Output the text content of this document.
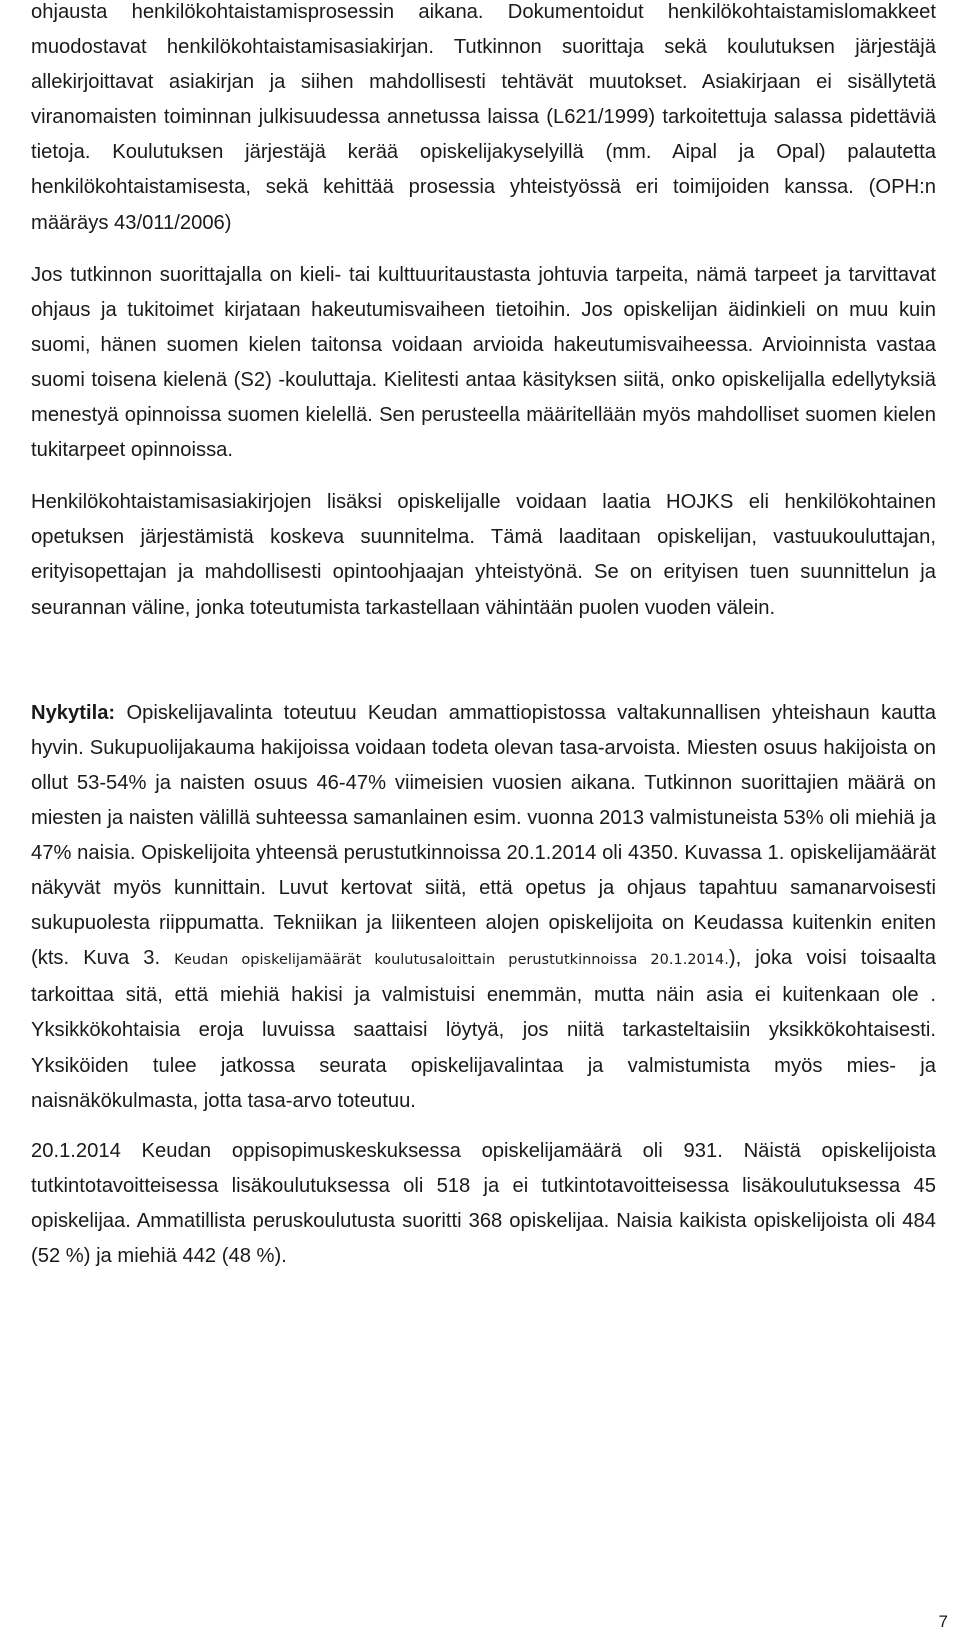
ohjausta henkilökohtaistamisprosessin aikana. Dokumentoidut henkilökohtaistamislomakkeet muodostavat henkilökohtaistamisasiakirjan. Tutkinnon suorittaja sekä koulutuksen järjestäjä allekirjoittavat asiakirjan ja siihen mahdollisesti tehtävät muutokset. Asiakirjaan ei sisällytetä viranomaisten toiminnan julkisuudessa annetussa laissa (L621/1999) tarkoitettuja salassa pidettäviä tietoja. Koulutuksen järjestäjä kerää opiskelijakyselyillä (mm. Aipal ja Opal) palautetta henkilökohtaistamisesta, sekä kehittää prosessia yhteistyössä eri toimijoiden kanssa. (OPH:n määräys 43/011/2006)

Jos tutkinnon suorittajalla on kieli- tai kulttuuritaustasta johtuvia tarpeita, nämä tarpeet ja tarvittavat ohjaus ja tukitoimet kirjataan hakeutumisvaiheen tietoihin. Jos opiskelijan äidinkieli on muu kuin suomi, hänen suomen kielen taitonsa voidaan arvioida hakeutumisvaiheessa. Arvioinnista vastaa suomi toisena kielenä (S2) -kouluttaja. Kielitesti antaa käsityksen siitä, onko opiskelijalla edellytyksiä menestyä opinnoissa suomen kielellä. Sen perusteella määritellään myös mahdolliset suomen kielen tukitarpeet opinnoissa.

Henkilökohtaistamisasiakirjojen lisäksi opiskelijalle voidaan laatia HOJKS eli henkilökohtainen opetuksen järjestämistä koskeva suunnitelma. Tämä laaditaan opiskelijan, vastuukouluttajan, erityisopettajan ja mahdollisesti opintoohjaajan yhteistyönä. Se on erityisen tuen suunnittelun ja seurannan väline, jonka toteutumista tarkastellaan vähintään puolen vuoden välein.

Nykytila: Opiskelijavalinta toteutuu Keudan ammattiopistossa valtakunnallisen yhteishaun kautta hyvin. Sukupuolijakauma hakijoissa voidaan todeta olevan tasa-arvoista. Miesten osuus hakijoista on ollut 53-54% ja naisten osuus 46-47% viimeisien vuosien aikana. Tutkinnon suorittajien määrä on miesten ja naisten välillä suhteessa samanlainen esim. vuonna 2013 valmistuneista 53% oli miehiä ja 47% naisia. Opiskelijoita yhteensä perustutkinnoissa 20.1.2014 oli 4350. Kuvassa 1. opiskelijamäärät näkyvät myös kunnittain. Luvut kertovat siitä, että opetus ja ohjaus tapahtuu samanarvoisesti sukupuolesta riippumatta. Tekniikan ja liikenteen alojen opiskelijoita on Keudassa kuitenkin eniten (kts. Kuva 3. Keudan opiskelijamäärät koulutusaloittain perustutkinnoissa 20.1.2014.), joka voisi toisaalta tarkoittaa sitä, että miehiä hakisi ja valmistuisi enemmän, mutta näin asia ei kuitenkaan ole . Yksikkökohtaisia eroja luvuissa saattaisi löytyä, jos niitä tarkasteltaisiin yksikkökohtaisesti. Yksiköiden tulee jatkossa seurata opiskelijavalintaa ja valmistumista myös mies- ja naisnäkökulmasta, jotta tasa-arvo toteutuu.

20.1.2014 Keudan oppisopimuskeskuksessa opiskelijamäärä oli 931. Näistä opiskelijoista tutkintotavoitteisessa lisäkoulutuksessa oli 518 ja ei tutkintotavoitteisessa lisäkoulutuksessa 45 opiskelijaa. Ammatillista peruskoulutusta suoritti 368 opiskelijaa. Naisia kaikista opiskelijoista oli 484 (52 %) ja miehiä 442 (48 %).

7
